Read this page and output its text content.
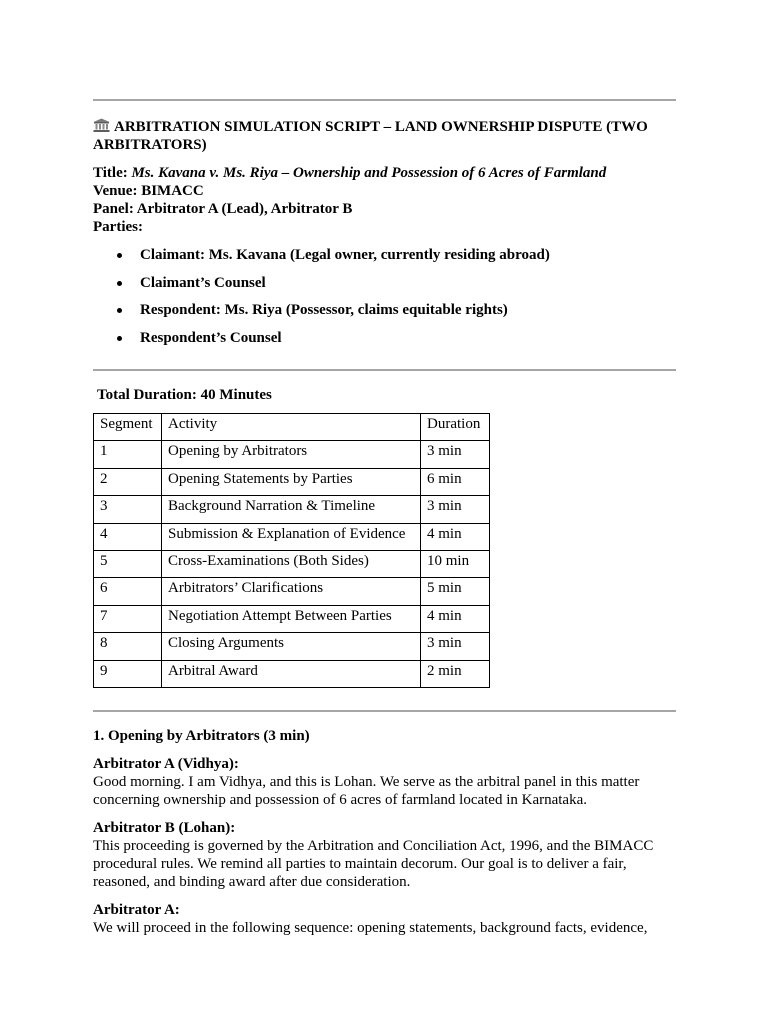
ARBITRATION SIMULATION SCRIPT – LAND OWNERSHIP DISPUTE (TWO ARBITRATORS)
Title: Ms. Kavana v. Ms. Riya – Ownership and Possession of 6 Acres of Farmland
Venue: BIMACC
Panel: Arbitrator A (Lead), Arbitrator B
Parties:
Claimant: Ms. Kavana (Legal owner, currently residing abroad)
Claimant’s Counsel
Respondent: Ms. Riya (Possessor, claims equitable rights)
Respondent’s Counsel
Total Duration: 40 Minutes
Segment	Activity	Duration
1	Opening by Arbitrators	3 min
2	Opening Statements by Parties	6 min
3	Background Narration & Timeline	3 min
4	Submission & Explanation of Evidence	4 min
5	Cross-Examinations (Both Sides)	10 min
6	Arbitrators’ Clarifications	5 min
7	Negotiation Attempt Between Parties	4 min
8	Closing Arguments	3 min
9	Arbitral Award	2 min
1. Opening by Arbitrators (3 min)
Arbitrator A (Vidhya):
Good morning. I am Vidhya, and this is Lohan. We serve as the arbitral panel in this matter
concerning ownership and possession of 6 acres of farmland located in Karnataka.
Arbitrator B (Lohan):
This proceeding is governed by the Arbitration and Conciliation Act, 1996, and the BIMACC
procedural rules. We remind all parties to maintain decorum. Our goal is to deliver a fair,
reasoned, and binding award after due consideration.
Arbitrator A:
We will proceed in the following sequence: opening statements, background facts, evidence,
